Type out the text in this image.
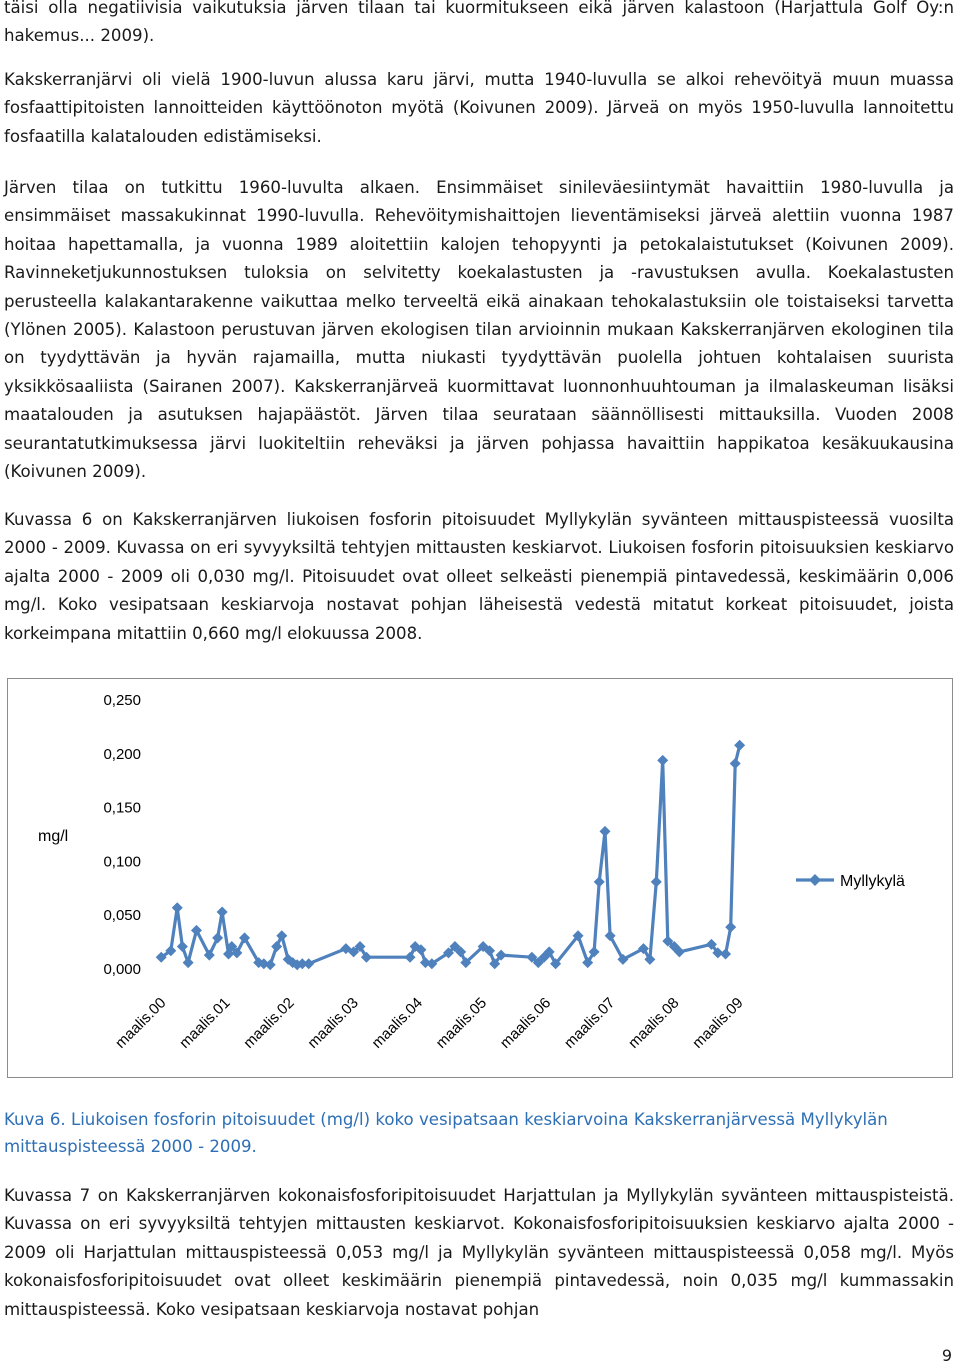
täisi olla negatiivisia vaikutuksia järven tilaan tai kuormitukseen eikä järven kalastoon (Harjattula Golf Oy:n hakemus... 2009).

Kakskerranjärvi oli vielä 1900-luvun alussa karu järvi, mutta 1940-luvulla se alkoi rehevöityä muun muassa fosfaattipitoisten lannoitteiden käyttöönoton myötä (Koivunen 2009). Järveä on myös 1950-luvulla lannoitettu fosfaatilla kalatalouden edistämiseksi.

Järven tilaa on tutkittu 1960-luvulta alkaen. Ensimmäiset sinileväesiintymät havaittiin 1980-luvulla ja ensimmäiset massakukinnat 1990-luvulla. Rehevöitymishaittojen lieventämiseksi järveä alettiin vuonna 1987 hoitaa hapettamalla, ja vuonna 1989 aloitettiin kalojen tehopyynti ja petokalaistutukset (Koivunen 2009). Ravinneketjukunnostuksen tuloksia on selvitetty koekalastusten ja -ravustuksen avulla. Koekalastusten perusteella kalakantarakenne vaikuttaa melko terveeltä eikä ainakaan tehokalastuksiin ole toistaiseksi tarvetta (Ylönen 2005). Kalastoon perustuvan järven ekologisen tilan arvioinnin mukaan Kakskerranjärven ekologinen tila on tyydyttävän ja hyvän rajamailla, mutta niukasti tyydyttävän puolella johtuen kohtalaisen suurista yksikkösaaliista (Sairanen 2007). Kakskerranjärveä kuormittavat luonnonhuuhtouman ja ilmalaskeuman lisäksi maatalouden ja asutuksen hajapäästöt. Järven tilaa seurataan säännöllisesti mittauksilla. Vuoden 2008 seurantatutkimuksessa järvi luokiteltiin reheväksi ja järven pohjassa havaittiin happikatoa kesäkuukausina (Koivunen 2009).

Kuvassa 6 on Kakskerranjärven liukoisen fosforin pitoisuudet Myllykylän syvänteen mittauspisteessä vuosilta 2000 - 2009. Kuvassa on eri syvyyksiltä tehtyjen mittausten keskiarvot. Liukoisen fosforin pitoisuuksien keskiarvo ajalta 2000 - 2009 oli 0,030 mg/l. Pitoisuudet ovat olleet selkeästi pienempiä pintavedessä, keskimäärin 0,006 mg/l. Koko vesipatsaan keskiarvoja nostavat pohjan läheisestä vedestä mitatut korkeat pitoisuudet, joista korkeimpana mitattiin 0,660 mg/l elokuussa 2008.

mg/l
0,000
0,050
0,100
0,150
0,200
0,250
maalis.00 maalis.01 maalis.02 maalis.03 maalis.04 maalis.05 maalis.06 maalis.07 maalis.08 maalis.09
Myllykylä

Kuva 6. Liukoisen fosforin pitoisuudet (mg/l) koko vesipatsaan keskiarvoina Kakskerranjärvessä Myllykylän mittauspisteessä 2000 - 2009.

Kuvassa 7 on Kakskerranjärven kokonaisfosforipitoisuudet Harjattulan ja Myllykylän syvänteen mittauspisteistä. Kuvassa on eri syvyyksiltä tehtyjen mittausten keskiarvot. Kokonaisfosforipitoisuuksien keskiarvo ajalta 2000 - 2009 oli Harjattulan mittauspisteessä 0,053 mg/l ja Myllykylän syvänteen mittauspisteessä 0,058 mg/l. Myös kokonaisfosforipitoisuudet ovat olleet keskimäärin pienempiä pintavedessä, noin 0,035 mg/l kummassakin mittauspisteessä. Koko vesipatsaan keskiarvoja nostavat pohjan

9
